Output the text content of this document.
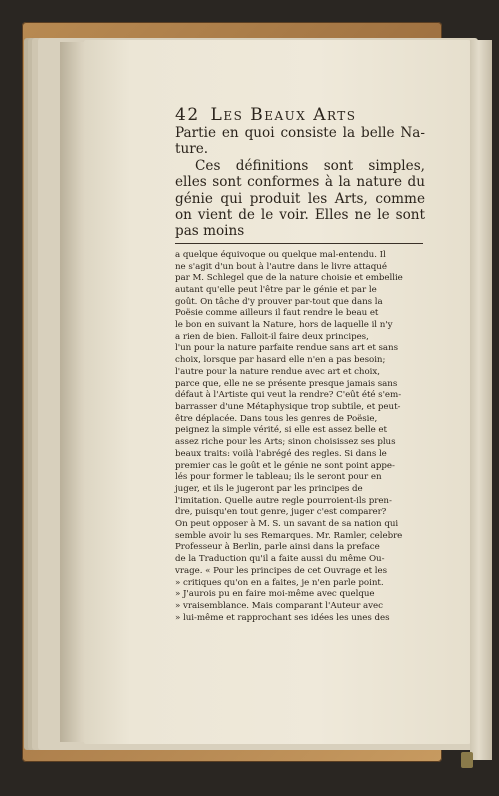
42 Les Beaux Arts

Partie en quoi consiste la belle Na-ture.

Ces définitions sont simples, elles sont conformes à la nature du génie qui produit les Arts, comme on vient de le voir. Elles ne le sont pas moins

a quelque équivoque ou quelque mal-entendu. Il

ne s'agit d'un bout à l'autre dans le livre attaqué

par M. Schlegel que de la nature choisie et embellie

autant qu'elle peut l'être par le génie et par le

goût. On tâche d'y prouver par-tout que dans la

Poësie comme ailleurs il faut rendre le beau et

le bon en suivant la Nature, hors de laquelle il n'y

a rien de bien. Falloit-il faire deux principes,

l'un pour la nature parfaite rendue sans art et sans

choix, lorsque par hasard elle n'en a pas besoin;

l'autre pour la nature rendue avec art et choix,

parce que, elle ne se présente presque jamais sans

défaut à l'Artiste qui veut la rendre? C'eût été s'em-

barrasser d'une Métaphysique trop subtile, et peut-

être déplacée. Dans tous les genres de Poësie,

peignez la simple vérité, si elle est assez belle et

assez riche pour les Arts; sinon choisissez ses plus

beaux traits: voilà l'abrégé des regles. Si dans le

premier cas le goût et le génie ne sont point appe-

lés pour former le tableau; ils le seront pour en

juger, et ils le jugeront par les principes de

l'imitation. Quelle autre regle pourroient-ils pren-

dre, puisqu'en tout genre, juger c'est comparer?

On peut opposer à M. S. un savant de sa nation qui

semble avoir lu ses Remarques. Mr. Ramler, celebre

Professeur à Berlin, parle ainsi dans la preface

de la Traduction qu'il a faite aussi du même Ou-

vrage. « Pour les principes de cet Ouvrage et les

» critiques qu'on en a faites, je n'en parle point.

» J'aurois pu en faire moi-même avec quelque

» vraisemblance. Mais comparant l'Auteur avec

» lui-même et rapprochant ses idées les unes des
